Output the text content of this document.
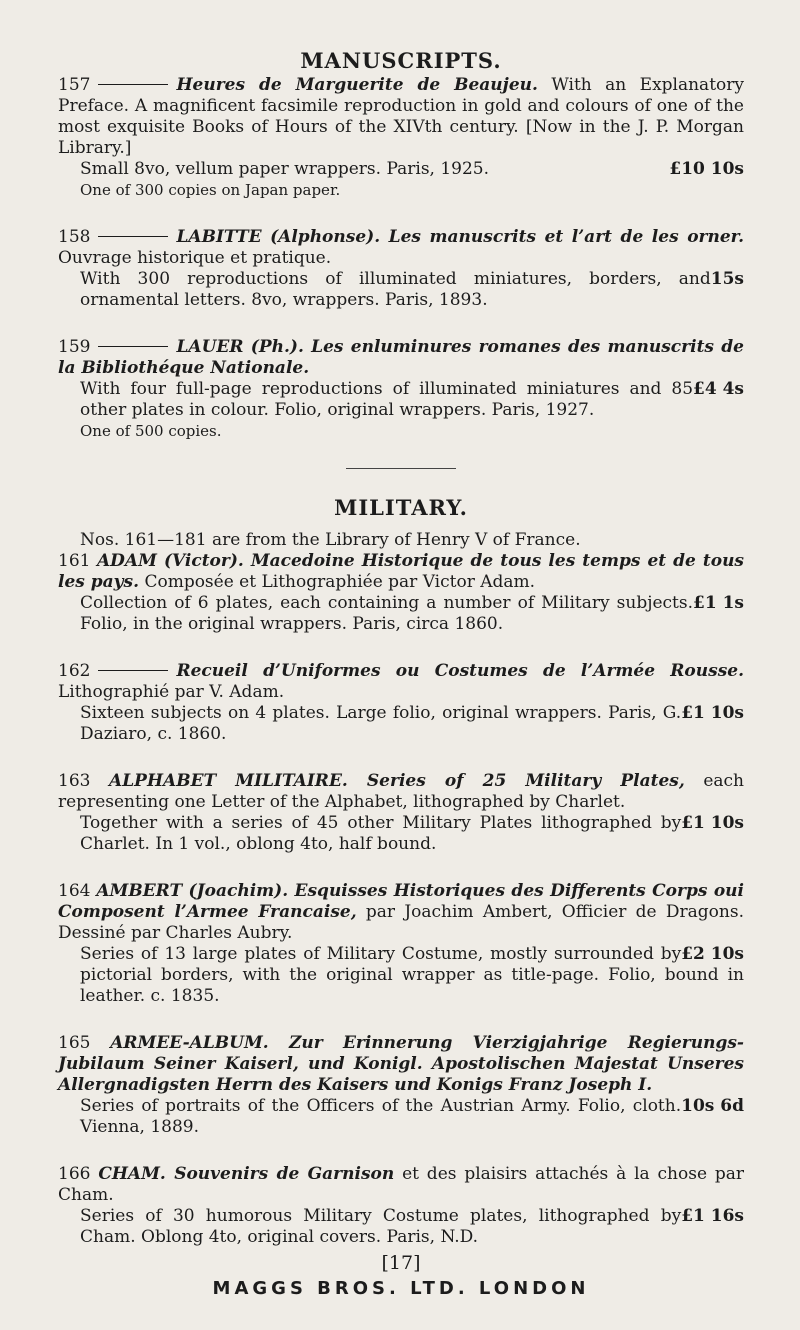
MANUSCRIPTS.

157	Heures de Marguerite de Beaujeu. With an Explanatory Preface. A magnificent facsimile reproduction in gold and colours of one of the most exquisite Books of Hours of the XIVth century. [Now in the J. P. Morgan Library.]

£10 10s
Small 8vo, vellum paper wrappers. Paris, 1925.

One of 300 copies on Japan paper.

158	LABITTE (Alphonse). Les manuscrits et l’art de les orner. Ouvrage historique et pratique.

15s
With 300 reproductions of illuminated miniatures, borders, and ornamental letters. 8vo, wrappers. Paris, 1893.

159	LAUER (Ph.). Les enluminures romanes des manuscrits de la Bibliothéque Nationale.

£4 4s
With four full-page reproductions of illuminated miniatures and 85 other plates in colour. Folio, original wrappers. Paris, 1927.

One of 500 copies.

MILITARY.

Nos. 161—181 are from the Library of Henry V of France.

161 ADAM (Victor). Macedoine Historique de tous les temps et de tous les pays. Composée et Lithographiée par Victor Adam.

£1 1s
Collection of 6 plates, each containing a number of Military subjects. Folio, in the original wrappers. Paris, circa 1860.

162	Recueil d’Uniformes ou Costumes de l’Armée Rousse. Lithographié par V. Adam.

£1 10s
Sixteen subjects on 4 plates. Large folio, original wrappers. Paris, G. Daziaro, c. 1860.

163 ALPHABET MILITAIRE. Series of 25 Military Plates, each representing one Letter of the Alphabet, lithographed by Charlet.

£1 10s
Together with a series of 45 other Military Plates lithographed by Charlet. In 1 vol., oblong 4to, half bound.

164 AMBERT (Joachim). Esquisses Historiques des Differents Corps oui Composent l’Armee Francaise, par Joachim Ambert, Officier de Dragons. Dessiné par Charles Aubry.

£2 10s
Series of 13 large plates of Military Costume, mostly surrounded by pictorial borders, with the original wrapper as title-page. Folio, bound in leather. c. 1835.

165 ARMEE-ALBUM. Zur Erinnerung Vierzigjahrige Regierungs-Jubilaum Seiner Kaiserl, und Konigl. Apostolischen Majestat Unseres Allergnadigsten Herrn des Kaisers und Konigs Franz Joseph I.

10s 6d
Series of portraits of the Officers of the Austrian Army. Folio, cloth. Vienna, 1889.

166 CHAM. Souvenirs de Garnison et des plaisirs attachés à la chose par Cham.

£1 16s
Series of 30 humorous Military Costume plates, lithographed by Cham. Oblong 4to, original covers. Paris, N.D.

[17]
MAGGS BROS. LTD. LONDON
